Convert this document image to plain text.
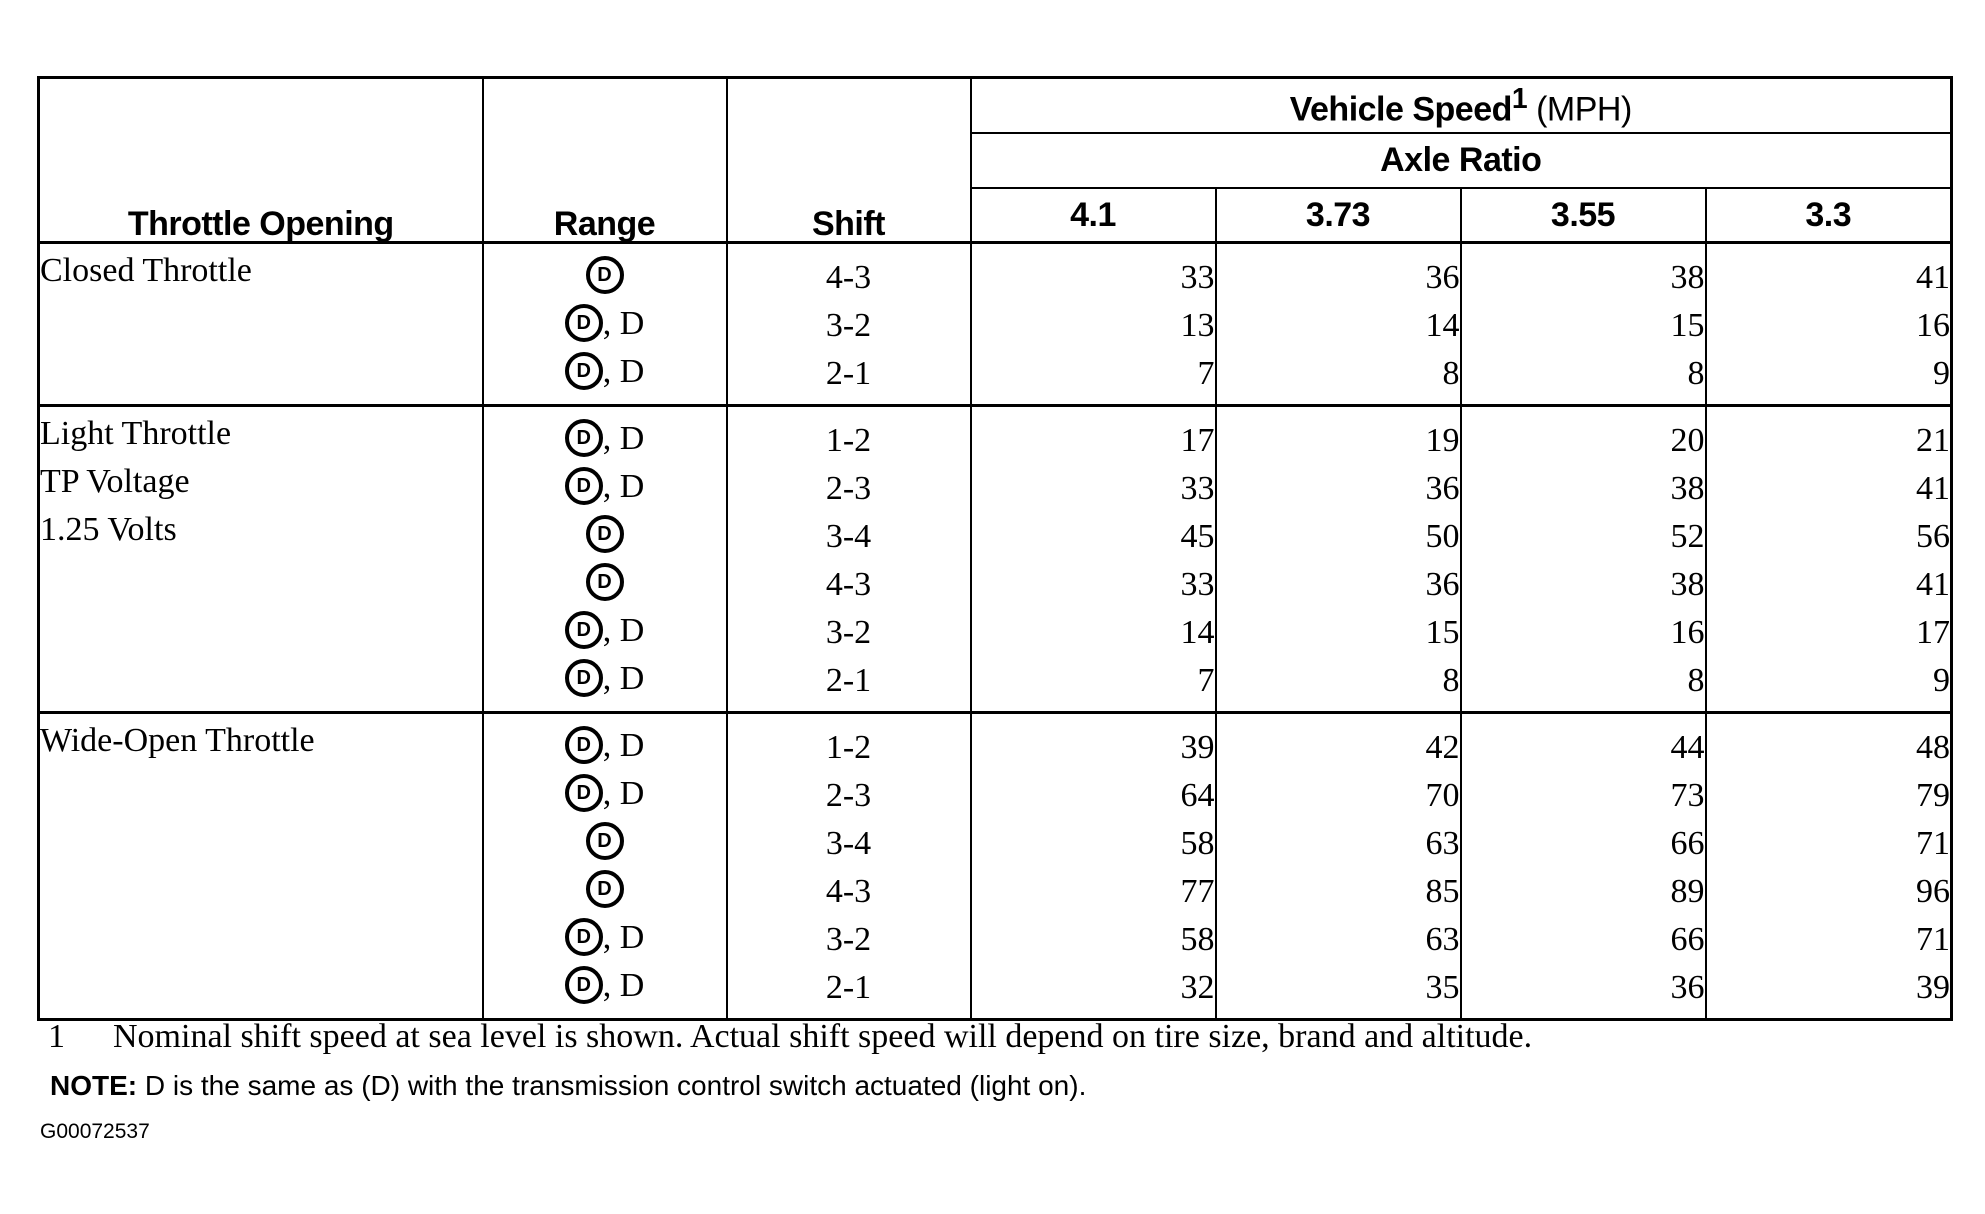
Throttle Opening	Range	Shift	Vehicle Speed$^1$ (MPH)			
			Axle Ratio			
			4.1	3.73	3.55	3.3

Closed Throttle	D	4-3	33	36	38	41
	D , D	3-2	13	14	15	16
	D , D	2-1	7	8	8	9

Light Throttle
TP Voltage
1.25 Volts	D , D	1-2	17	19	20	21
	D , D	2-3	33	36	38	41
	D	3-4	45	50	52	56
	D	4-3	33	36	38	41
	D , D	3-2	14	15	16	17
	D , D	2-1	7	8	8	9

Wide-Open Throttle	D , D	1-2	39	42	44	48
	D , D	2-3	64	70	73	79
	D	3-4	58	63	66	71
	D	4-3	77	85	89	96
	D , D	3-2	58	63	66	71
	D , D	2-1	32	35	36	39
1 Nominal shift speed at sea level is shown. Actual shift speed will depend on tire size, brand and altitude.
NOTE: D is the same as (D) with the transmission control switch actuated (light on).
G00072537
